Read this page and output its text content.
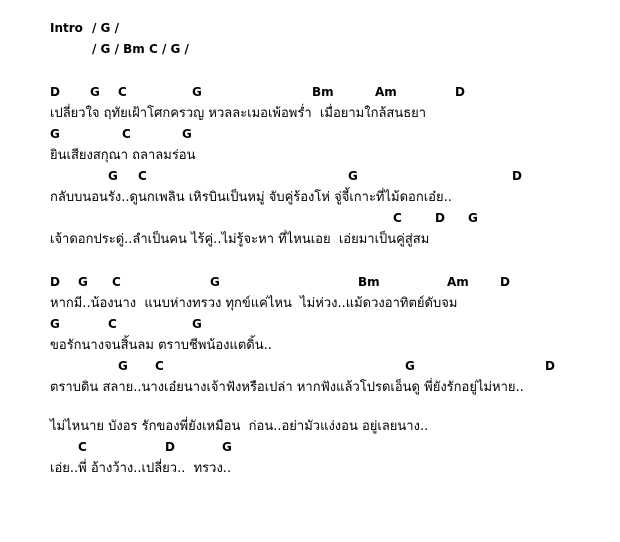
Intro

/ G /

/ G / Bm C / G /

D

	G

C

	G

	Bm

	Am

	D

เปลี่ยวใจ ฤทัยเฝ้าโศกครวญ หวลละเมอเพ้อพร่ำ  เมื่อยามใกล้สนธยา

G

	C

	G

ยินเสียงสกุณา ถลาลมร่อน

G

C

	G

	D

กลับบนอนรัง..ดูนกเพลิน เหิรบินเป็นหมู่ จับคู่ร้องโห่ จู่จี้เกาะที่ไม้ดอกเอ๋ย..

C

	D

G

เจ้าดอกประดู่..ลำเป็นคน ไร้คู่..ไม่รู้จะหา ที่ไหนเอย  เอ่ยมาเป็นคู่สู่สม

D

G

C

	G

	Bm

	Am

	D

หากมี..น้องนาง  แนบห่างทรวง ทุกข์แค่ไหน  ไม่ห่วง..แม้ดวงอาทิตย์ดับจม

G

	C

	G

ขอรักนางจนสิ้นลม ตราบชีพน้องแตดิ้น..

G

C

	G

	D

ตราบดิน สลาย..นางเอ๋ยนางเจ้าฟังหรือเปล่า หากฟังแล้วโปรดเอ็นดู พี่ยังรักอยู่ไม่หาย..

ไม่ไหนาย บังอร รักของพี่ยังเหมือน  ก่อน..อย่ามัวแง่งอน อยู่เลยนาง..

C

	D

	G

เอ่ย..พี่ อ้างว้าง..เปลี่ยว..  ทรวง..
